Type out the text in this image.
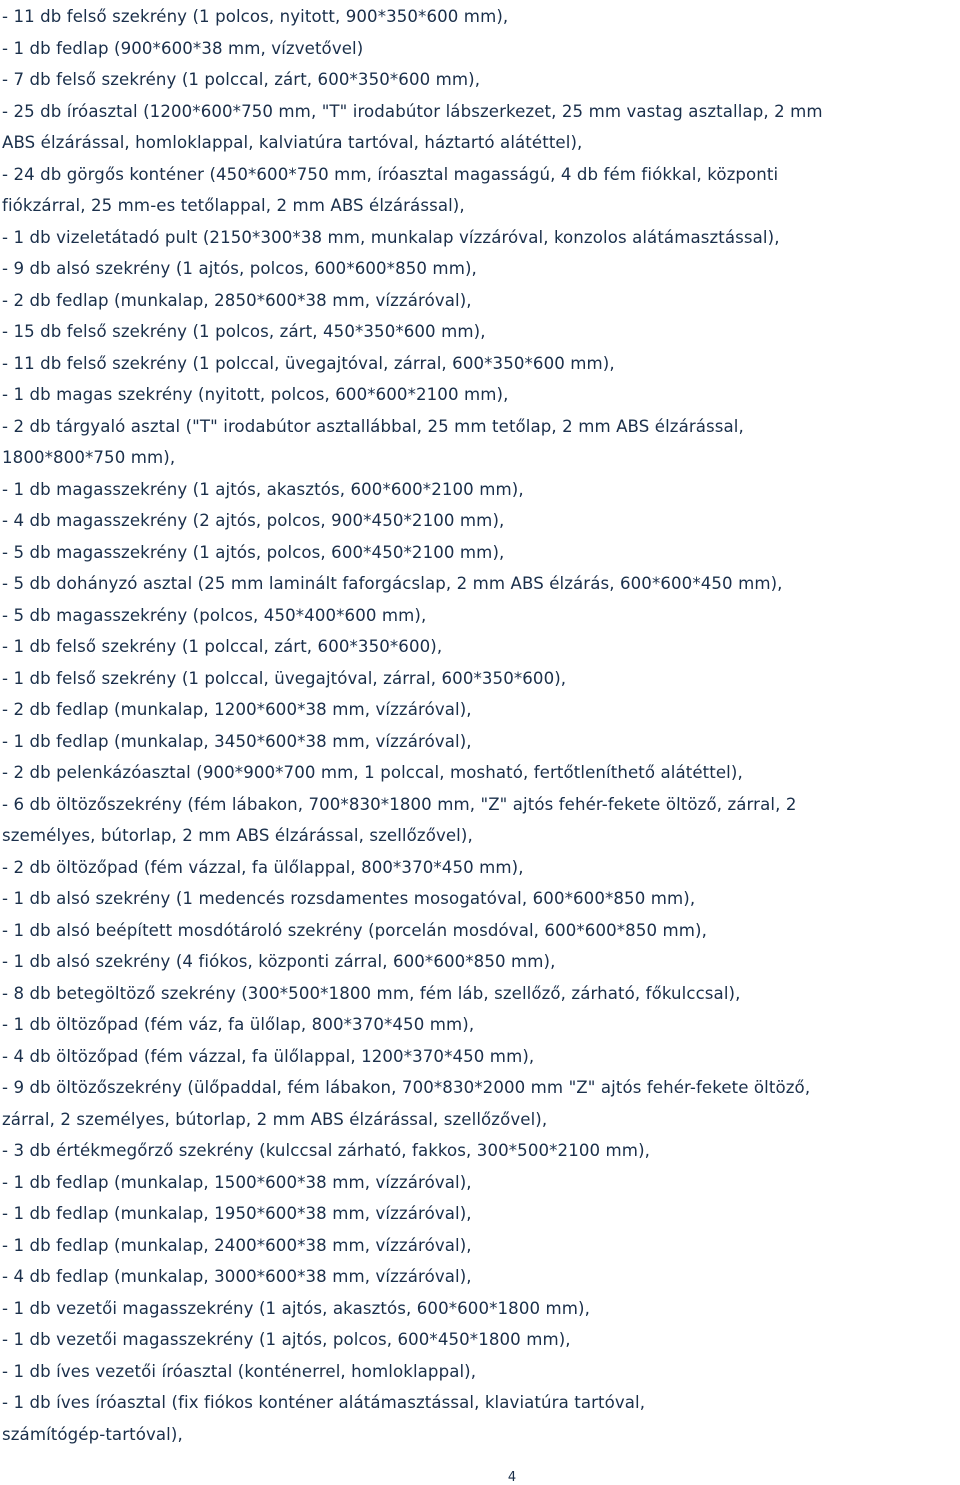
- 11 db felső szekrény (1 polcos, nyitott, 900*350*600 mm),
- 1 db fedlap (900*600*38 mm, vízvetővel)
- 7 db felső szekrény (1 polccal, zárt, 600*350*600 mm),
- 25 db íróasztal (1200*600*750 mm, "T" irodabútor lábszerkezet, 25 mm vastag asztallap, 2 mm
ABS élzárással, homloklappal, kalviatúra tartóval, háztartó alátéttel),
- 24 db görgős konténer (450*600*750 mm, íróasztal magasságú, 4 db fém fiókkal, központi
fiókzárral, 25 mm-es tetőlappal, 2 mm ABS élzárással),
- 1 db vizeletátadó pult (2150*300*38 mm, munkalap vízzáróval, konzolos alátámasztással),
- 9 db alsó szekrény (1 ajtós, polcos, 600*600*850 mm),
- 2 db fedlap (munkalap, 2850*600*38 mm, vízzáróval),
- 15 db felső szekrény (1 polcos, zárt, 450*350*600 mm),
- 11 db felső szekrény (1 polccal, üvegajtóval, zárral, 600*350*600 mm),
- 1 db magas szekrény (nyitott, polcos, 600*600*2100 mm),
- 2 db tárgyaló asztal ("T" irodabútor asztallábbal, 25 mm tetőlap, 2 mm ABS élzárással,
1800*800*750 mm),
- 1 db magasszekrény (1 ajtós, akasztós, 600*600*2100 mm),
- 4 db magasszekrény (2 ajtós, polcos, 900*450*2100 mm),
- 5 db magasszekrény (1 ajtós, polcos, 600*450*2100 mm),
- 5 db dohányzó asztal (25 mm laminált faforgácslap, 2 mm ABS élzárás, 600*600*450 mm),
- 5 db magasszekrény (polcos, 450*400*600 mm),
- 1 db felső szekrény (1 polccal, zárt, 600*350*600),
- 1 db felső szekrény (1 polccal, üvegajtóval, zárral, 600*350*600),
- 2 db fedlap (munkalap, 1200*600*38 mm, vízzáróval),
- 1 db fedlap (munkalap, 3450*600*38 mm, vízzáróval),
- 2 db pelenkázóasztal (900*900*700 mm, 1 polccal, mosható, fertőtleníthető alátéttel),
- 6 db öltözőszekrény (fém lábakon, 700*830*1800 mm, "Z" ajtós fehér-fekete öltöző, zárral, 2
személyes, bútorlap, 2 mm ABS élzárással, szellőzővel),
- 2 db öltözőpad (fém vázzal, fa ülőlappal, 800*370*450 mm),
- 1 db alsó szekrény (1 medencés rozsdamentes mosogatóval, 600*600*850 mm),
- 1 db alsó beépített mosdótároló szekrény (porcelán mosdóval, 600*600*850 mm),
- 1 db alsó szekrény (4 fiókos, központi zárral, 600*600*850 mm),
- 8 db betegöltöző szekrény (300*500*1800 mm, fém láb, szellőző, zárható, főkulccsal),
- 1 db öltözőpad (fém váz, fa ülőlap, 800*370*450 mm),
- 4 db öltözőpad (fém vázzal, fa ülőlappal, 1200*370*450 mm),
- 9 db öltözőszekrény (ülőpaddal, fém lábakon, 700*830*2000 mm "Z" ajtós fehér-fekete öltöző,
zárral, 2 személyes, bútorlap, 2 mm ABS élzárással, szellőzővel),
- 3 db értékmegőrző szekrény (kulccsal zárható, fakkos, 300*500*2100 mm),
- 1 db fedlap (munkalap, 1500*600*38 mm, vízzáróval),
- 1 db fedlap (munkalap, 1950*600*38 mm, vízzáróval),
- 1 db fedlap (munkalap, 2400*600*38 mm, vízzáróval),
- 4 db fedlap (munkalap, 3000*600*38 mm, vízzáróval),
- 1 db vezetői magasszekrény (1 ajtós, akasztós, 600*600*1800 mm),
- 1 db vezetői magasszekrény (1 ajtós, polcos, 600*450*1800 mm),
- 1 db íves vezetői íróasztal (konténerrel, homloklappal),
- 1 db íves íróasztal (fix fiókos konténer alátámasztással, klaviatúra tartóval,
számítógép-tartóval),
4
